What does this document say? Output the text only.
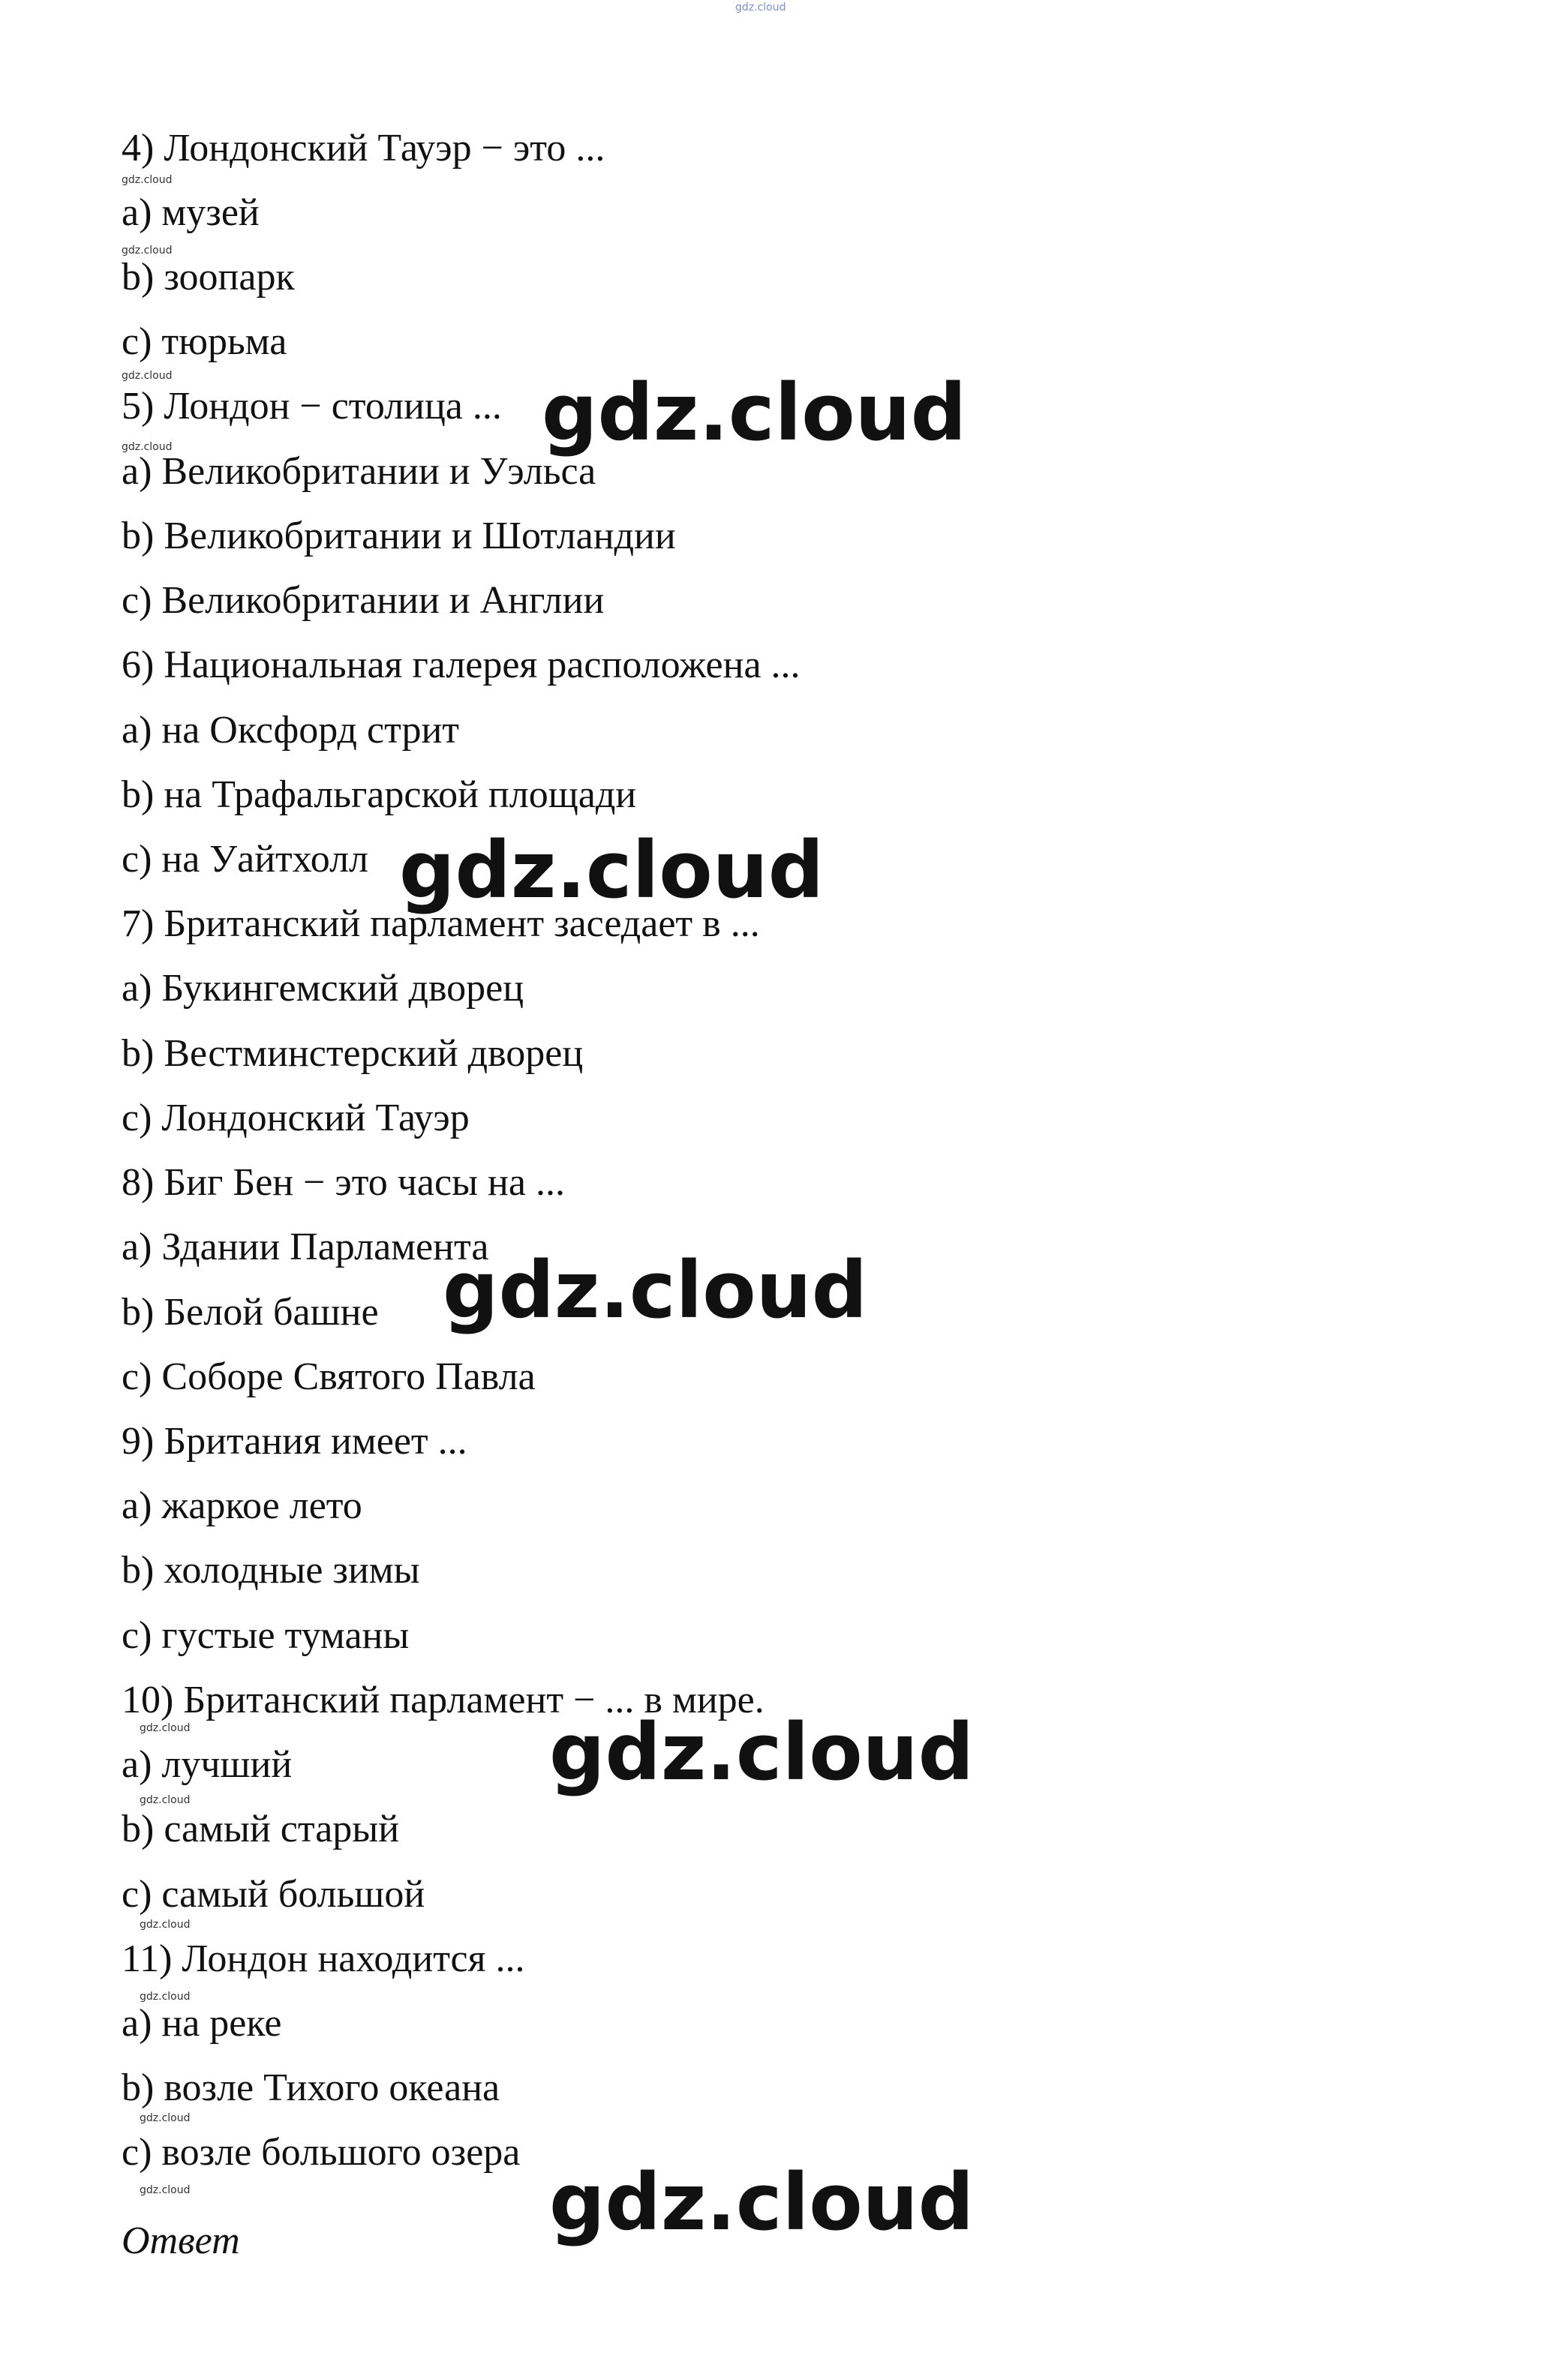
gdz.cloud
4) Лондонский Тауэр − это ...
a) музей
b) зоопарк
c) тюрьма
5) Лондон − столица ...
a) Великобритании и Уэльса
b) Великобритании и Шотландии
c) Великобритании и Англии
6) Национальная галерея расположена ...
a) на Оксфорд стрит
b) на Трафальгарской площади
c) на Уайтхолл
7) Британский парламент заседает в ...
a) Букингемский дворец
b) Вестминстерский дворец
c) Лондонский Тауэр
8) Биг Бен − это часы на ...
a) Здании Парламента
b) Белой башне
c) Соборе Святого Павла
9) Британия имеет ...
a) жаркое лето
b) холодные зимы
c) густые туманы
10) Британский парламент − ... в мире.
a) лучший
b) самый старый
c) самый большой
11) Лондон находится ...
a) на реке
b) возле Тихого океана
c) возле большого озера
Ответ
gdz.cloud
gdz.cloud
gdz.cloud
gdz.cloud
gdz.cloud
gdz.cloud
gdz.cloud
gdz.cloud
gdz.cloud
gdz.cloud
gdz.cloud
gdz.cloud
gdz.cloud
gdz.cloud
gdz.cloud
